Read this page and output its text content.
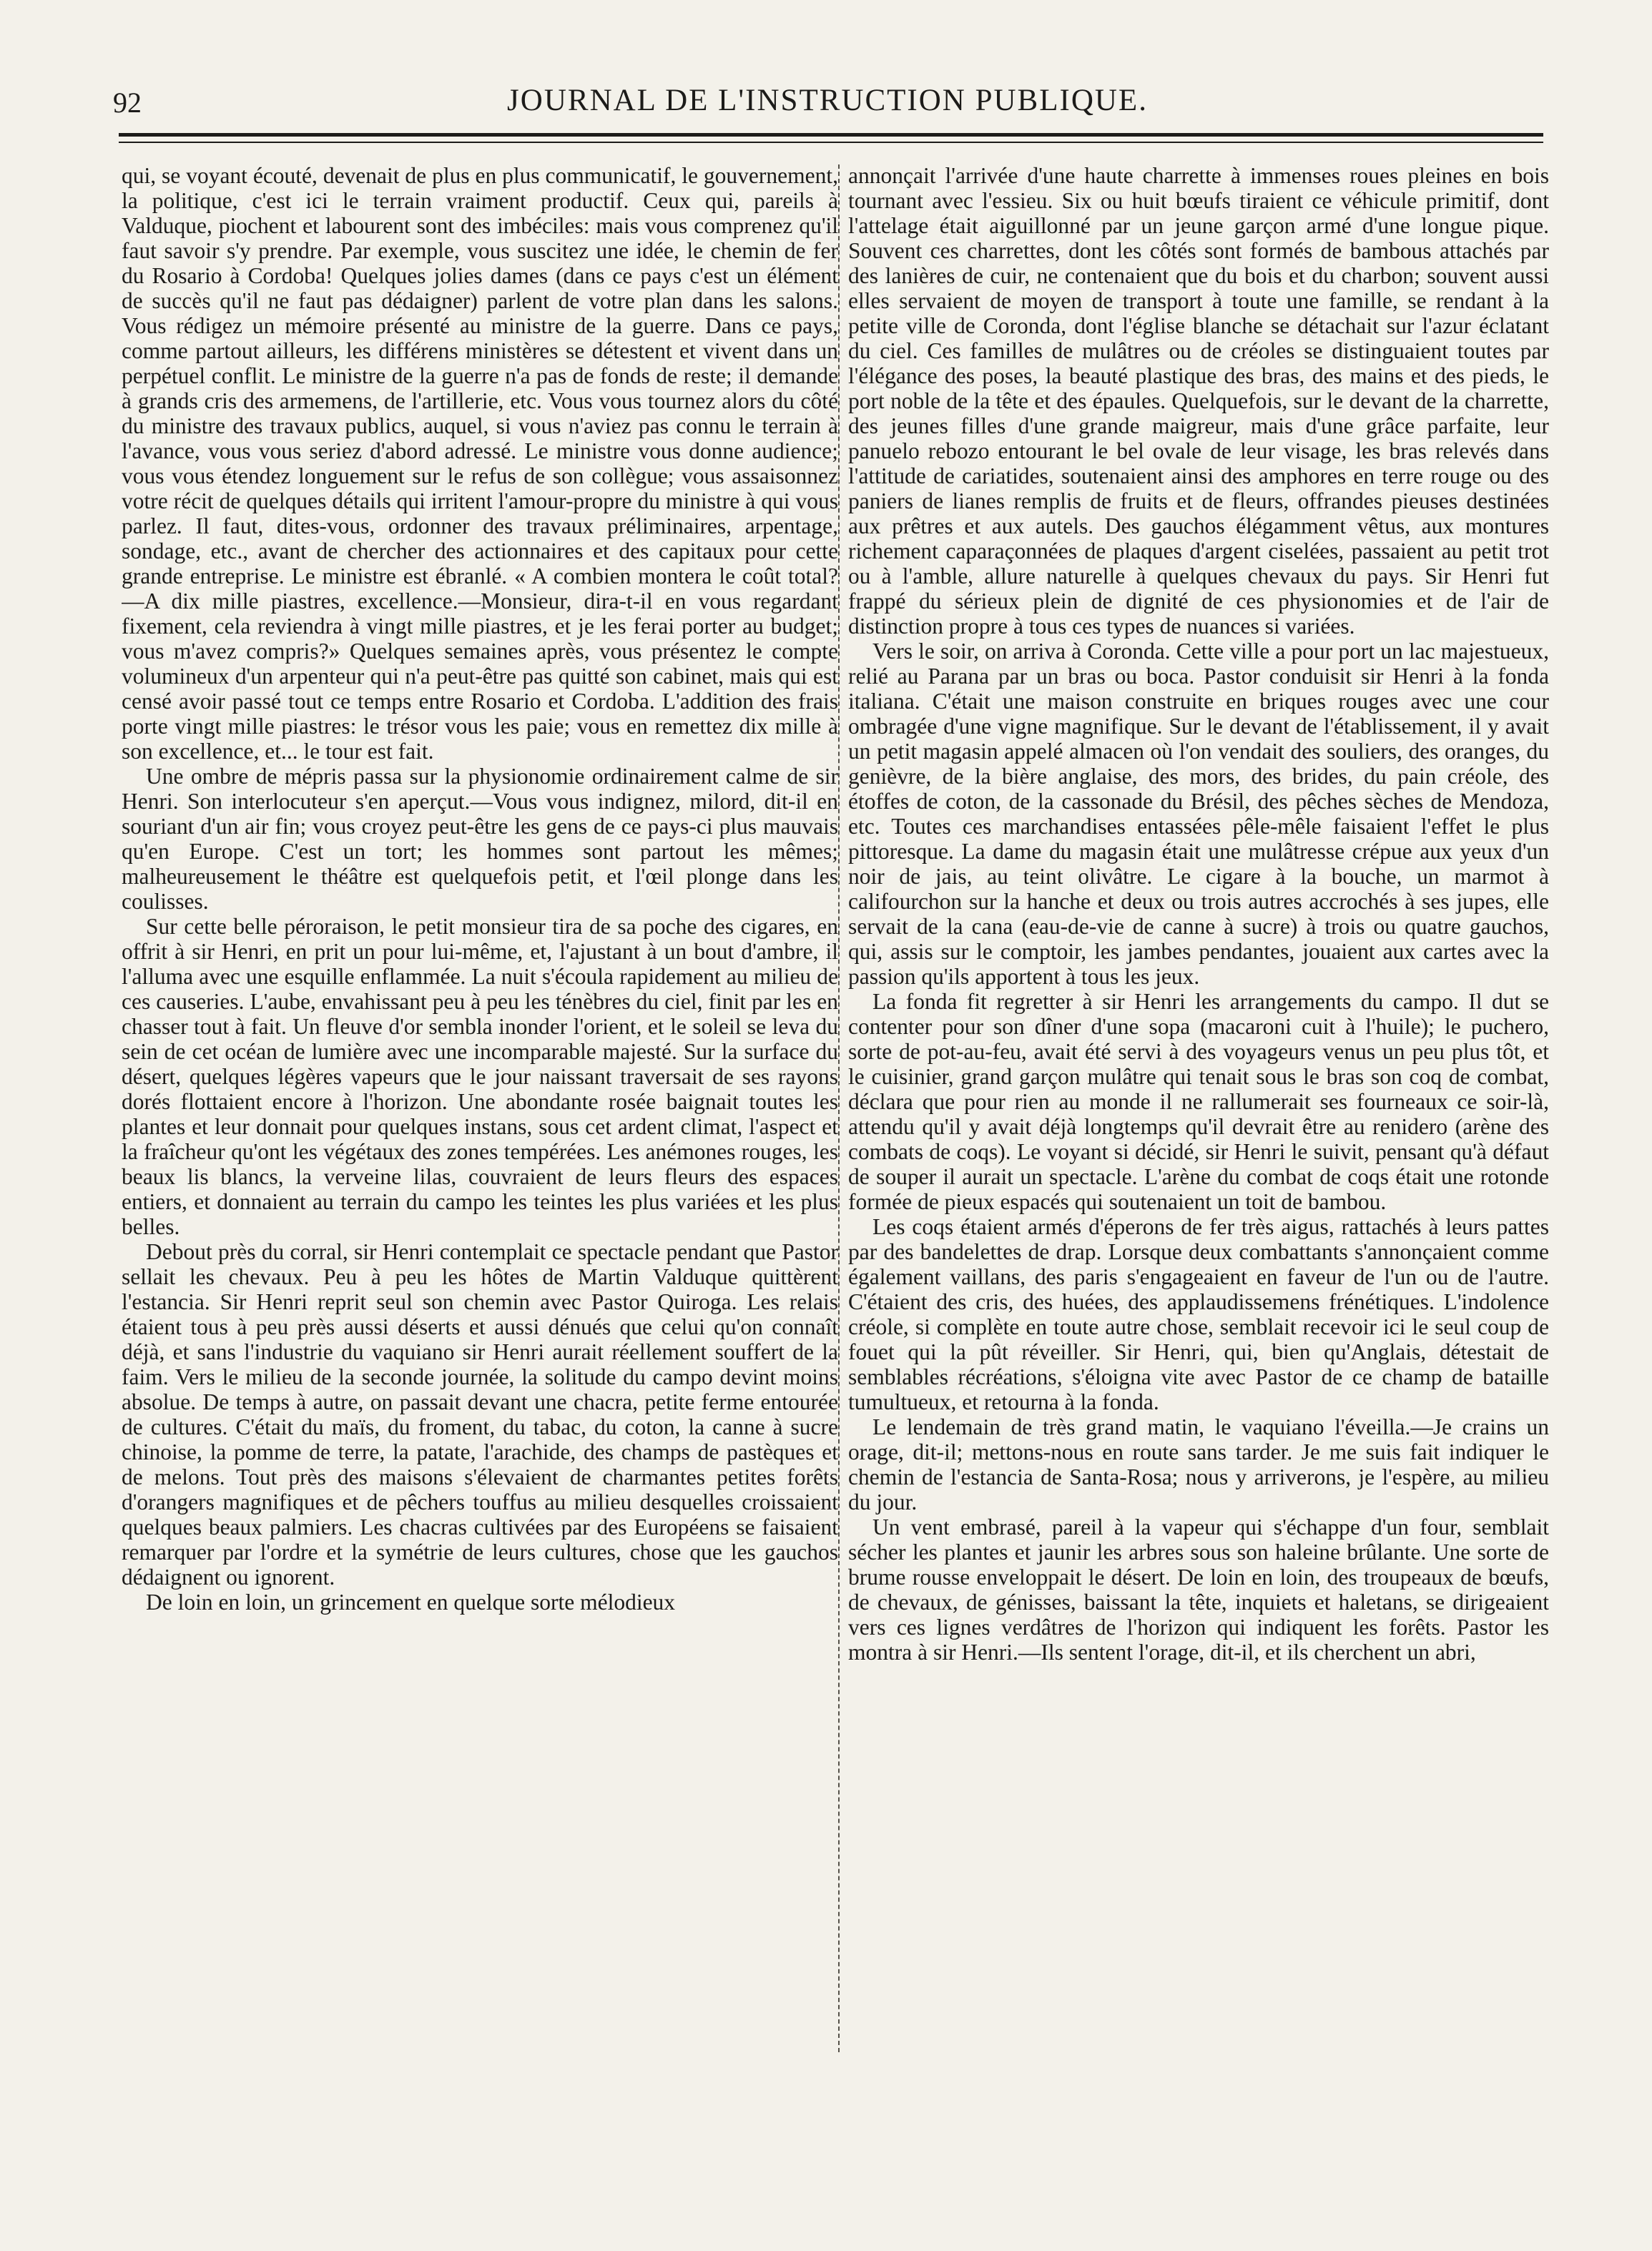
92	JOURNAL DE L'INSTRUCTION PUBLIQUE.

qui, se voyant écouté, devenait de plus en plus communicatif, le gouvernement, la politique, c'est ici le terrain vraiment productif. Ceux qui, pareils à Valduque, piochent et labourent sont des imbéciles: mais vous comprenez qu'il faut savoir s'y prendre. Par exemple, vous suscitez une idée, le chemin de fer du Rosario à Cordoba! Quelques jolies dames (dans ce pays c'est un élément de succès qu'il ne faut pas dédaigner) parlent de votre plan dans les salons. Vous rédigez un mémoire présenté au ministre de la guerre. Dans ce pays, comme partout ailleurs, les différens ministères se détestent et vivent dans un perpétuel conflit. Le ministre de la guerre n'a pas de fonds de reste; il demande à grands cris des armemens, de l'artillerie, etc. Vous vous tournez alors du côté du ministre des travaux publics, auquel, si vous n'aviez pas connu le terrain à l'avance, vous vous seriez d'abord adressé. Le ministre vous donne audience; vous vous étendez longuement sur le refus de son collègue; vous assaisonnez votre récit de quelques détails qui irritent l'amour-propre du ministre à qui vous parlez. Il faut, dites-vous, ordonner des travaux préliminaires, arpentage, sondage, etc., avant de chercher des actionnaires et des capitaux pour cette grande entreprise. Le ministre est ébranlé. « A combien montera le coût total?—A dix mille piastres, excellence.—Monsieur, dira-t-il en vous regardant fixement, cela reviendra à vingt mille piastres, et je les ferai porter au budget; vous m'avez compris?» Quelques semaines après, vous présentez le compte volumineux d'un arpenteur qui n'a peut-être pas quitté son cabinet, mais qui est censé avoir passé tout ce temps entre Rosario et Cordoba. L'addition des frais porte vingt mille piastres: le trésor vous les paie; vous en remettez dix mille à son excellence, et... le tour est fait.

Une ombre de mépris passa sur la physionomie ordinairement calme de sir Henri. Son interlocuteur s'en aperçut.—Vous vous indignez, milord, dit-il en souriant d'un air fin; vous croyez peut-être les gens de ce pays-ci plus mauvais qu'en Europe. C'est un tort; les hommes sont partout les mêmes; malheureusement le théâtre est quelquefois petit, et l'œil plonge dans les coulisses.

Sur cette belle péroraison, le petit monsieur tira de sa poche des cigares, en offrit à sir Henri, en prit un pour lui-même, et, l'ajustant à un bout d'ambre, il l'alluma avec une esquille enflammée. La nuit s'écoula rapidement au milieu de ces causeries. L'aube, envahissant peu à peu les ténèbres du ciel, finit par les en chasser tout à fait. Un fleuve d'or sembla inonder l'orient, et le soleil se leva du sein de cet océan de lumière avec une incomparable majesté. Sur la surface du désert, quelques légères vapeurs que le jour naissant traversait de ses rayons dorés flottaient encore à l'horizon. Une abondante rosée baignait toutes les plantes et leur donnait pour quelques instans, sous cet ardent climat, l'aspect et la fraîcheur qu'ont les végétaux des zones tempérées. Les anémones rouges, les beaux lis blancs, la verveine lilas, couvraient de leurs fleurs des espaces entiers, et donnaient au terrain du campo les teintes les plus variées et les plus belles.

Debout près du corral, sir Henri contemplait ce spectacle pendant que Pastor sellait les chevaux. Peu à peu les hôtes de Martin Valduque quittèrent l'estancia. Sir Henri reprit seul son chemin avec Pastor Quiroga. Les relais étaient tous à peu près aussi déserts et aussi dénués que celui qu'on connaît déjà, et sans l'industrie du vaquiano sir Henri aurait réellement souffert de la faim. Vers le milieu de la seconde journée, la solitude du campo devint moins absolue. De temps à autre, on passait devant une chacra, petite ferme entourée de cultures. C'était du maïs, du froment, du tabac, du coton, la canne à sucre chinoise, la pomme de terre, la patate, l'arachide, des champs de pastèques et de melons. Tout près des maisons s'élevaient de charmantes petites forêts d'orangers magnifiques et de pêchers touffus au milieu desquelles croissaient quelques beaux palmiers. Les chacras cultivées par des Européens se faisaient remarquer par l'ordre et la symétrie de leurs cultures, chose que les gauchos dédaignent ou ignorent.

De loin en loin, un grincement en quelque sorte mélodieux

annonçait l'arrivée d'une haute charrette à immenses roues pleines en bois tournant avec l'essieu. Six ou huit bœufs tiraient ce véhicule primitif, dont l'attelage était aiguillonné par un jeune garçon armé d'une longue pique. Souvent ces charrettes, dont les côtés sont formés de bambous attachés par des lanières de cuir, ne contenaient que du bois et du charbon; souvent aussi elles servaient de moyen de transport à toute une famille, se rendant à la petite ville de Coronda, dont l'église blanche se détachait sur l'azur éclatant du ciel. Ces familles de mulâtres ou de créoles se distinguaient toutes par l'élégance des poses, la beauté plastique des bras, des mains et des pieds, le port noble de la tête et des épaules. Quelquefois, sur le devant de la charrette, des jeunes filles d'une grande maigreur, mais d'une grâce parfaite, leur panuelo rebozo entourant le bel ovale de leur visage, les bras relevés dans l'attitude de cariatides, soutenaient ainsi des amphores en terre rouge ou des paniers de lianes remplis de fruits et de fleurs, offrandes pieuses destinées aux prêtres et aux autels. Des gauchos élégamment vêtus, aux montures richement caparaçonnées de plaques d'argent ciselées, passaient au petit trot ou à l'amble, allure naturelle à quelques chevaux du pays. Sir Henri fut frappé du sérieux plein de dignité de ces physionomies et de l'air de distinction propre à tous ces types de nuances si variées.

Vers le soir, on arriva à Coronda. Cette ville a pour port un lac majestueux, relié au Parana par un bras ou boca. Pastor conduisit sir Henri à la fonda italiana. C'était une maison construite en briques rouges avec une cour ombragée d'une vigne magnifique. Sur le devant de l'établissement, il y avait un petit magasin appelé almacen où l'on vendait des souliers, des oranges, du genièvre, de la bière anglaise, des mors, des brides, du pain créole, des étoffes de coton, de la cassonade du Brésil, des pêches sèches de Mendoza, etc. Toutes ces marchandises entassées pêle-mêle faisaient l'effet le plus pittoresque. La dame du magasin était une mulâtresse crépue aux yeux d'un noir de jais, au teint olivâtre. Le cigare à la bouche, un marmot à califourchon sur la hanche et deux ou trois autres accrochés à ses jupes, elle servait de la cana (eau-de-vie de canne à sucre) à trois ou quatre gauchos, qui, assis sur le comptoir, les jambes pendantes, jouaient aux cartes avec la passion qu'ils apportent à tous les jeux.

La fonda fit regretter à sir Henri les arrangements du campo. Il dut se contenter pour son dîner d'une sopa (macaroni cuit à l'huile); le puchero, sorte de pot-au-feu, avait été servi à des voyageurs venus un peu plus tôt, et le cuisinier, grand garçon mulâtre qui tenait sous le bras son coq de combat, déclara que pour rien au monde il ne rallumerait ses fourneaux ce soir-là, attendu qu'il y avait déjà longtemps qu'il devrait être au renidero (arène des combats de coqs). Le voyant si décidé, sir Henri le suivit, pensant qu'à défaut de souper il aurait un spectacle. L'arène du combat de coqs était une rotonde formée de pieux espacés qui soutenaient un toit de bambou.

Les coqs étaient armés d'éperons de fer très aigus, rattachés à leurs pattes par des bandelettes de drap. Lorsque deux combattants s'annonçaient comme également vaillans, des paris s'engageaient en faveur de l'un ou de l'autre. C'étaient des cris, des huées, des applaudissemens frénétiques. L'indolence créole, si complète en toute autre chose, semblait recevoir ici le seul coup de fouet qui la pût réveiller. Sir Henri, qui, bien qu'Anglais, détestait de semblables récréations, s'éloigna vite avec Pastor de ce champ de bataille tumultueux, et retourna à la fonda.

Le lendemain de très grand matin, le vaquiano l'éveilla.—Je crains un orage, dit-il; mettons-nous en route sans tarder. Je me suis fait indiquer le chemin de l'estancia de Santa-Rosa; nous y arriverons, je l'espère, au milieu du jour.

Un vent embrasé, pareil à la vapeur qui s'échappe d'un four, semblait sécher les plantes et jaunir les arbres sous son haleine brûlante. Une sorte de brume rousse enveloppait le désert. De loin en loin, des troupeaux de bœufs, de chevaux, de génisses, baissant la tête, inquiets et haletans, se dirigeaient vers ces lignes verdâtres de l'horizon qui indiquent les forêts. Pastor les montra à sir Henri.—Ils sentent l'orage, dit-il, et ils cherchent un abri,
